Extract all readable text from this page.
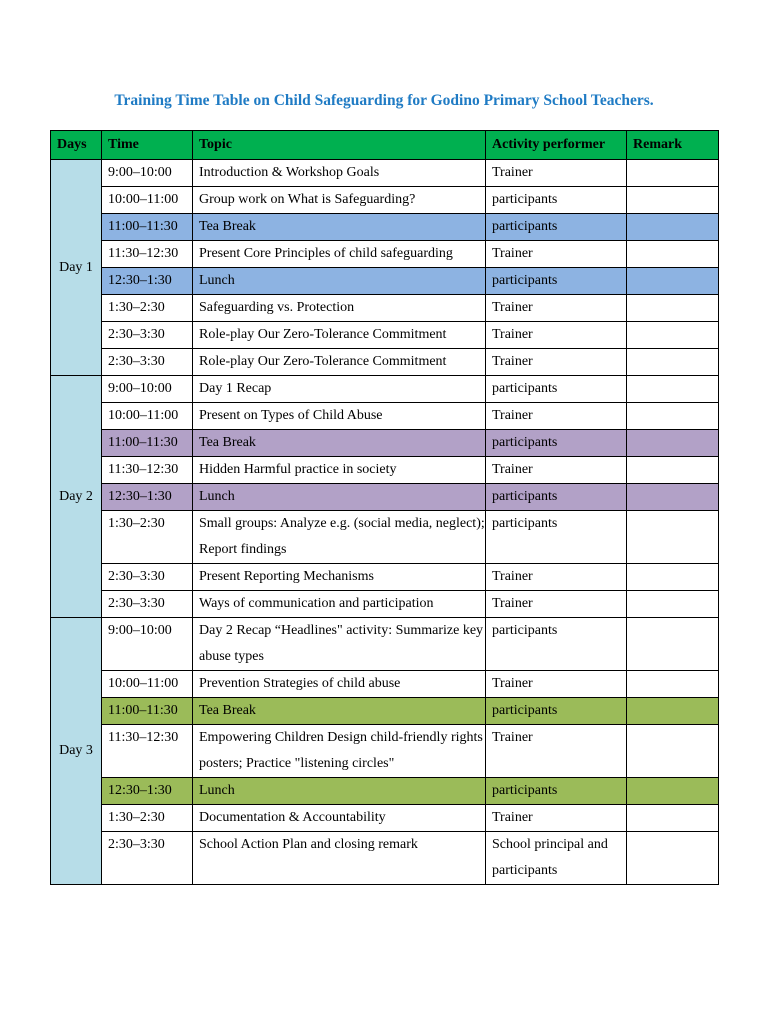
Training Time Table on Child Safeguarding for Godino Primary School Teachers.
Days	Time	Topic	Activity performer	Remark
Day 1	9:00–10:00	Introduction & Workshop Goals	Trainer	
	10:00–11:00	Group work on What is Safeguarding?	participants	
	11:00–11:30	Tea Break	participants	
	11:30–12:30	Present Core Principles of child safeguarding	Trainer	
	12:30–1:30	Lunch	participants	
	1:30–2:30	Safeguarding vs. Protection	Trainer	
	2:30–3:30	Role-play Our Zero-Tolerance Commitment	Trainer	
	2:30–3:30	Role-play Our Zero-Tolerance Commitment	Trainer	
Day 2	9:00–10:00	Day 1 Recap	participants	
	10:00–11:00	Present on Types of Child Abuse	Trainer	
	11:00–11:30	Tea Break	participants	
	11:30–12:30	Hidden Harmful practice in society	Trainer	
	12:30–1:30	Lunch	participants	
	1:30–2:30	Small groups: Analyze e.g. (social media, neglect); Report findings	participants	
	2:30–3:30	Present Reporting Mechanisms	Trainer	
	2:30–3:30	Ways of communication and participation	Trainer	
Day 3	9:00–10:00	Day 2 Recap “Headlines" activity: Summarize key abuse types	participants	
	10:00–11:00	Prevention Strategies of child abuse	Trainer	
	11:00–11:30	Tea Break	participants	
	11:30–12:30	Empowering Children Design child-friendly rights posters; Practice "listening circles"	Trainer	
	12:30–1:30	Lunch	participants	
	1:30–2:30	Documentation & Accountability	Trainer	
	2:30–3:30	School Action Plan and closing remark	School principal and participants	
